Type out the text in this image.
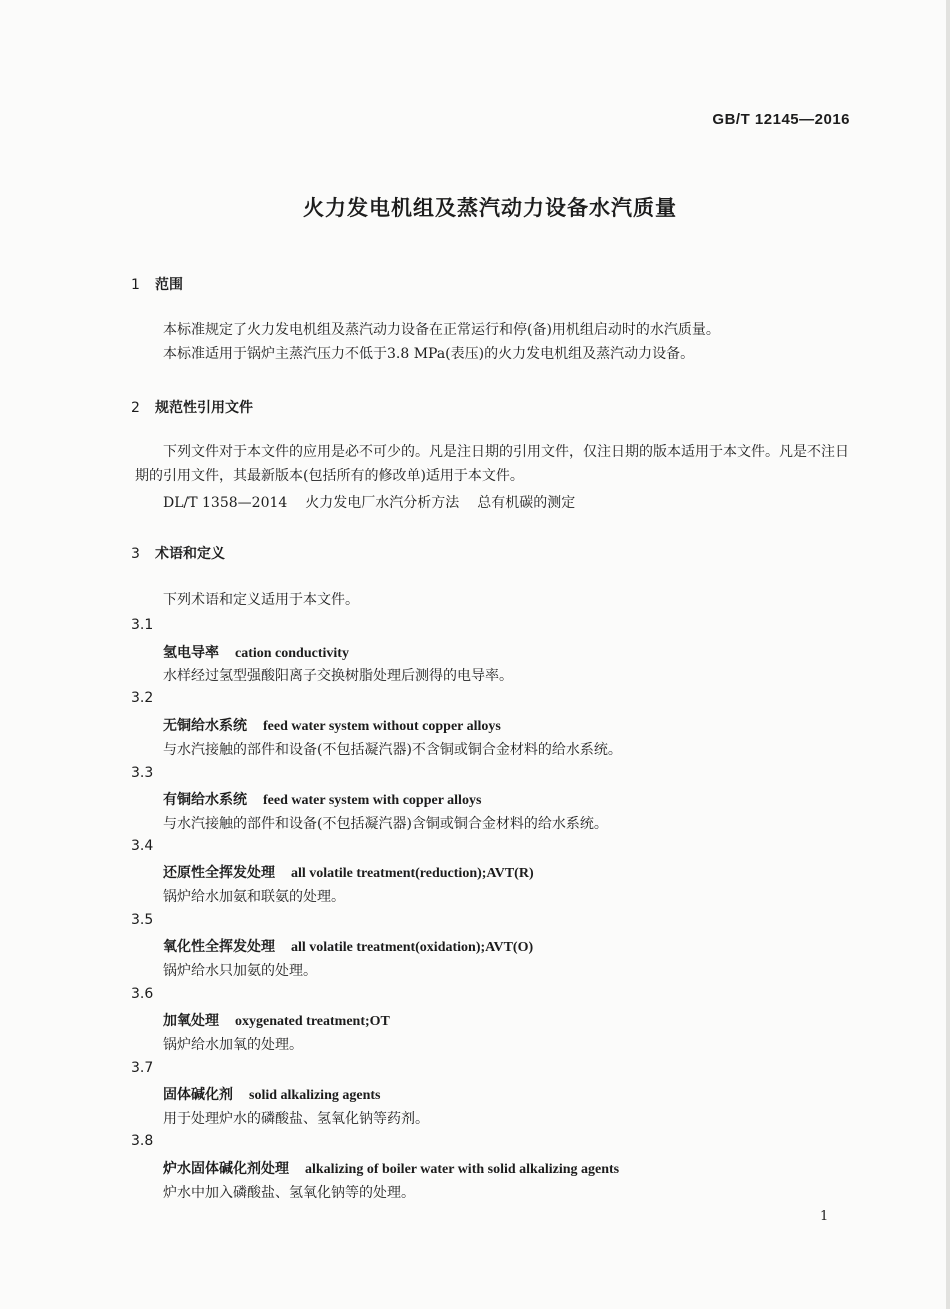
GB/T 12145—2016
火力发电机组及蒸汽动力设备水汽质量
1 范围

本标准规定了火力发电机组及蒸汽动力设备在正常运行和停(备)用机组启动时的水汽质量。

本标准适用于锅炉主蒸汽压力不低于3.8 MPa(表压)的火力发电机组及蒸汽动力设备。

2 规范性引用文件

下列文件对于本文件的应用是必不可少的。凡是注日期的引用文件，仅注日期的版本适用于本文件。凡是不注日期的引用文件，其最新版本(包括所有的修改单)适用于本文件。

DL/T 1358—2014 火力发电厂水汽分析方法 总有机碳的测定
3 术语和定义
下列术语和定义适用于本文件。
3.1
氢电导率 cation conductivity
水样经过氢型强酸阳离子交换树脂处理后测得的电导率。
3.2
无铜给水系统 feed water system without copper alloys
与水汽接触的部件和设备(不包括凝汽器)不含铜或铜合金材料的给水系统。
3.3
有铜给水系统 feed water system with copper alloys
与水汽接触的部件和设备(不包括凝汽器)含铜或铜合金材料的给水系统。
3.4
还原性全挥发处理 all volatile treatment(reduction);AVT(R)
锅炉给水加氨和联氨的处理。
3.5
氧化性全挥发处理 all volatile treatment(oxidation);AVT(O)
锅炉给水只加氨的处理。
3.6
加氧处理 oxygenated treatment;OT
锅炉给水加氧的处理。
3.7
固体碱化剂 solid alkalizing agents
用于处理炉水的磷酸盐、氢氧化钠等药剂。
3.8
炉水固体碱化剂处理 alkalizing of boiler water with solid alkalizing agents
炉水中加入磷酸盐、氢氧化钠等的处理。
1
